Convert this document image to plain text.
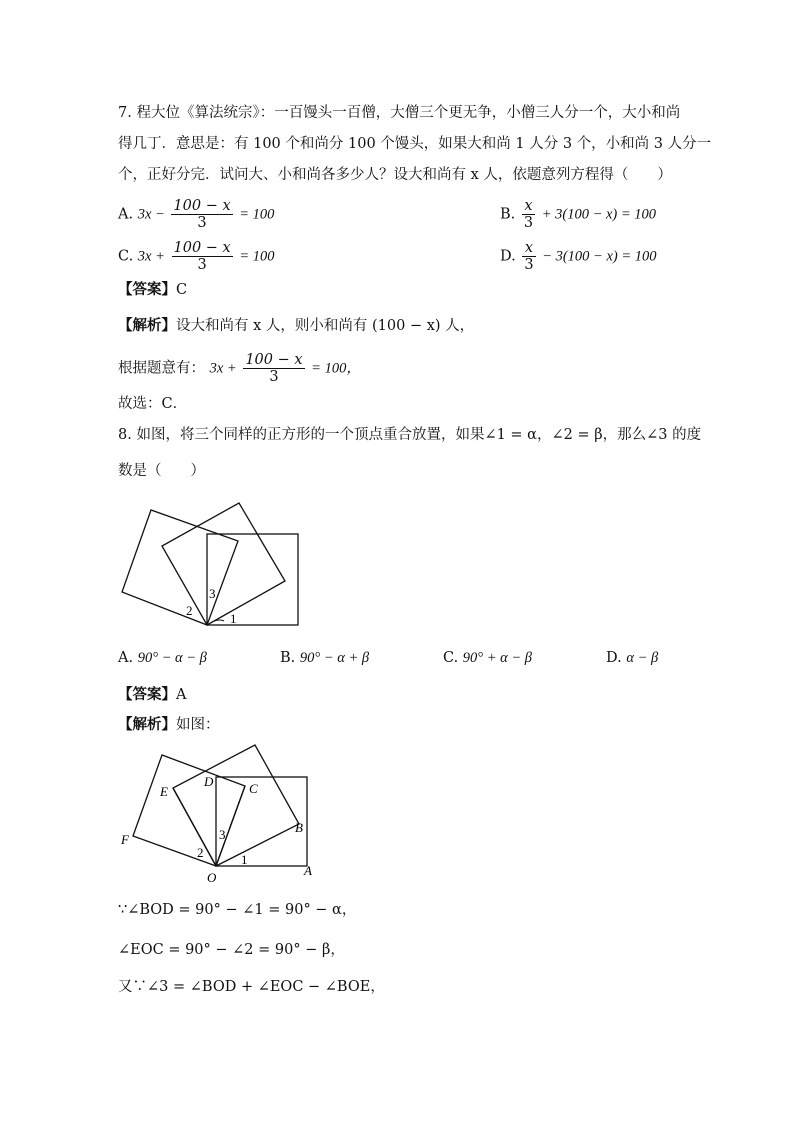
7. 程大位《算法统宗》：一百馒头一百僧，大僧三个更无争，小僧三人分一个，大小和尚
得几丁．意思是：有 100 个和尚分 100 个馒头，如果大和尚 1 人分 3 个，小和尚 3 人分一
个，正好分完．试问大、小和尚各多少人？设大和尚有 x 人，依题意列方程得（　　）
A. $3x - \frac{100 - x}{3} = 100$	B. $\frac{x}{3} + 3(100 - x) = 100$
C. $3x + \frac{100 - x}{3} = 100$	D. $\frac{x}{3} - 3(100 - x) = 100$
【答案】C
【解析】设大和尚有 x 人，则小和尚有 (100 − x) 人，
根据题意有： $3x + \frac{100 - x}{3} = 100$，
故选：C．
8. 如图，将三个同样的正方形的一个顶点重合放置，如果∠1 = α，∠2 = β，那么∠3 的度
数是（　　）
3
2
1
A. 90° − α − β	B. 90° − α + β	C. 90° + α − β	D. α − β
【答案】A
【解析】如图：
E
D	C
B
F
O	A
3
2	1
∵∠BOD = 90° − ∠1 = 90° − α，
∠EOC = 90° − ∠2 = 90° − β，
又∵∠3 = ∠BOD + ∠EOC − ∠BOE，
